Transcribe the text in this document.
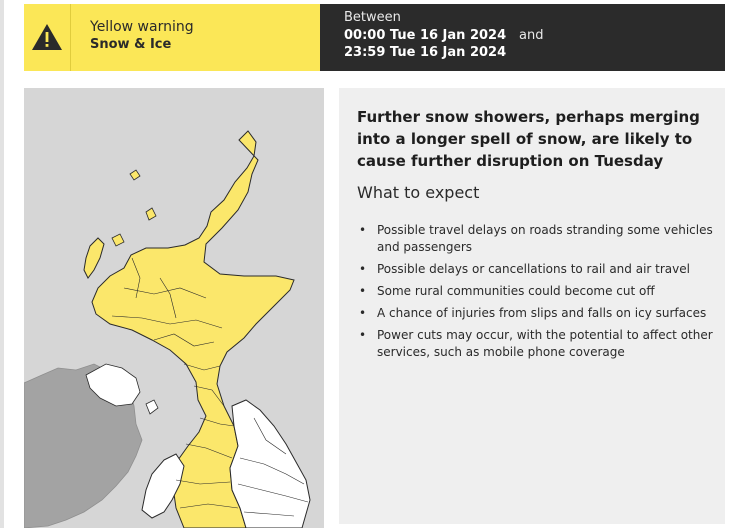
Yellow warning
Snow & Ice
Between
00:00 Tue 16 Jan 2024 and
23:59 Tue 16 Jan 2024
Further snow showers, perhaps merging into a longer spell of snow, are likely to cause further disruption on Tuesday
What to expect
• Possible travel delays on roads stranding some vehicles and passengers
• Possible delays or cancellations to rail and air travel
• Some rural communities could become cut off
• A chance of injuries from slips and falls on icy surfaces
• Power cuts may occur, with the potential to affect other services, such as mobile phone coverage
